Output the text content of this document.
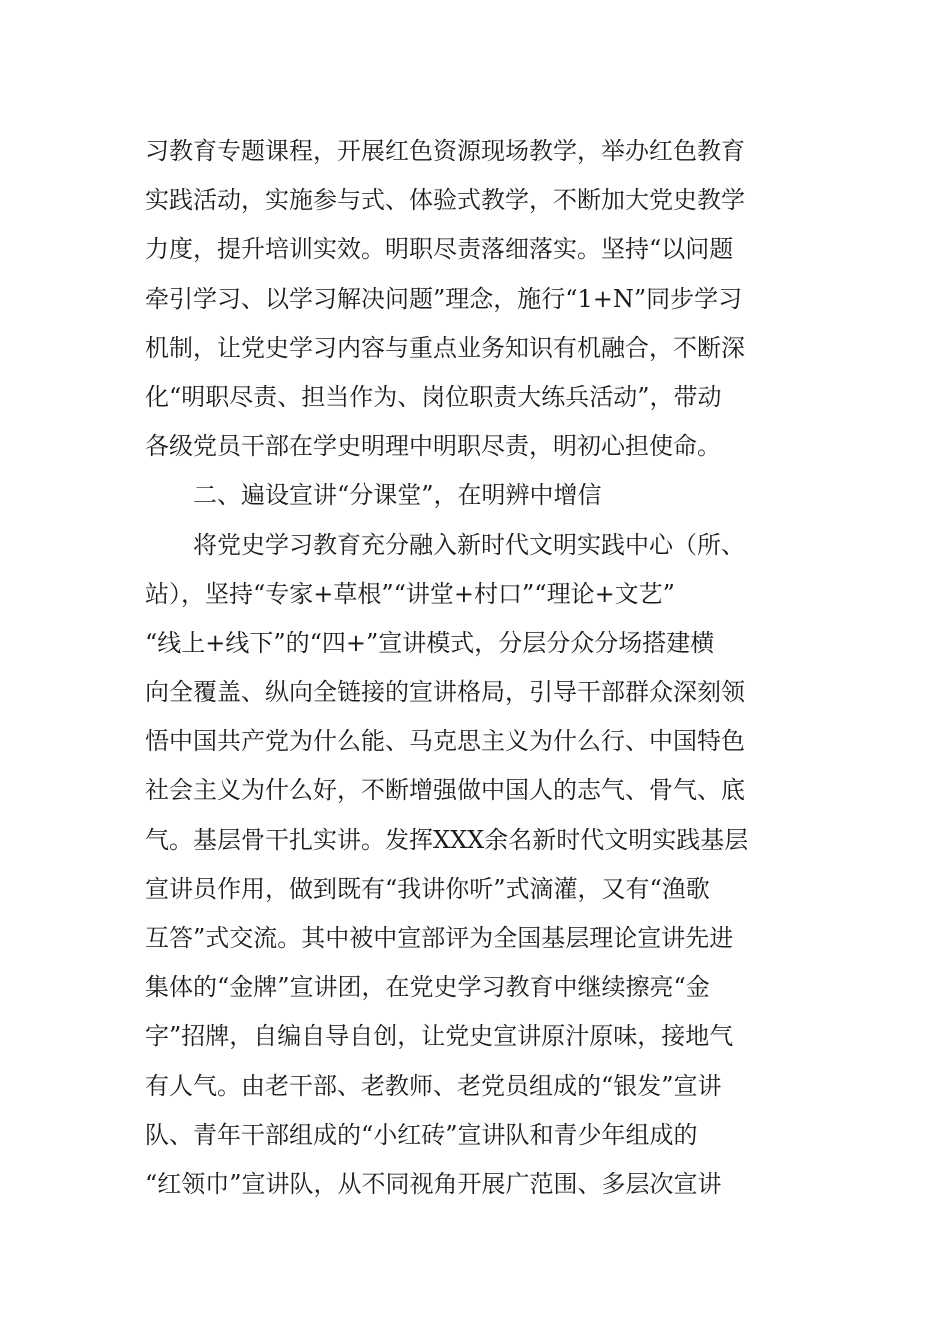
习教育专题课程，开展红色资源现场教学，举办红色教育
实践活动，实施参与式、体验式教学，不断加大党史教学
力度，提升培训实效。明职尽责落细落实。坚持“以问题
牵引学习、以学习解决问题”理念，施行“1+N”同步学习
机制，让党史学习内容与重点业务知识有机融合，不断深
化“明职尽责、担当作为、岗位职责大练兵活动”，带动
各级党员干部在学史明理中明职尽责，明初心担使命。
二、遍设宣讲“分课堂”，在明辨中增信
将党史学习教育充分融入新时代文明实践中心（所、
站），坚持“专家+草根”“讲堂+村口”“理论+文艺”
“线上+线下”的“四+”宣讲模式，分层分众分场搭建横
向全覆盖、纵向全链接的宣讲格局，引导干部群众深刻领
悟中国共产党为什么能、马克思主义为什么行、中国特色
社会主义为什么好，不断增强做中国人的志气、骨气、底
气。基层骨干扎实讲。发挥XXX余名新时代文明实践基层
宣讲员作用，做到既有“我讲你听”式滴灌，又有“渔歌
互答”式交流。其中被中宣部评为全国基层理论宣讲先进
集体的“金牌”宣讲团，在党史学习教育中继续擦亮“金
字”招牌，自编自导自创，让党史宣讲原汁原味，接地气
有人气。由老干部、老教师、老党员组成的“银发”宣讲
队、青年干部组成的“小红砖”宣讲队和青少年组成的
“红领巾”宣讲队，从不同视角开展广范围、多层次宣讲
